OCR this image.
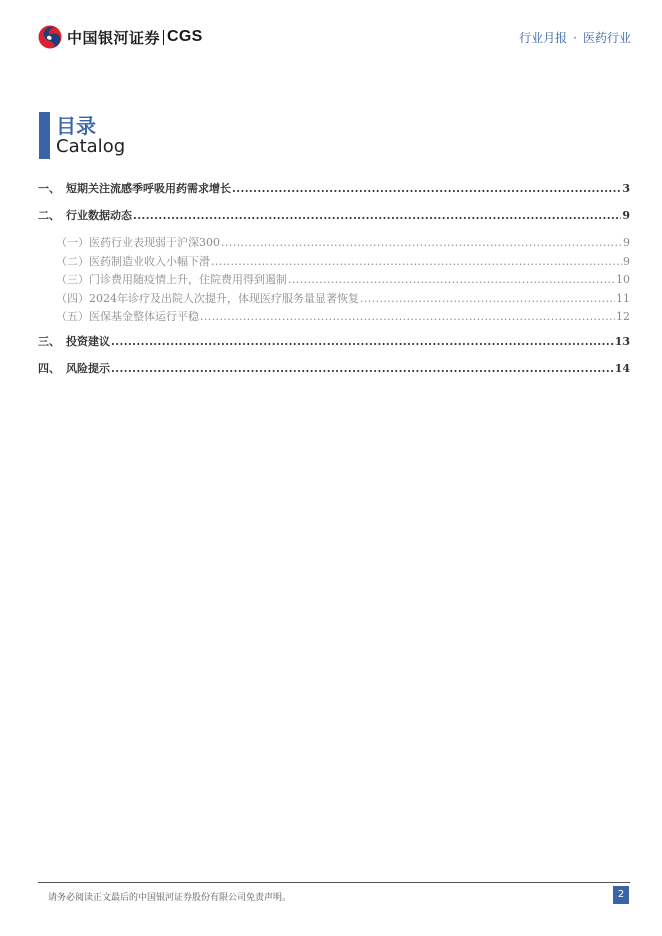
中国银河证券 CGS	行业月报 · 医药行业
目录
Catalog
一、 短期关注流感季呼吸用药需求增长 .....	3
二、 行业数据动态 .....	9
（一） 医药行业表现弱于沪深300 .....	9
（二） 医药制造业收入小幅下滑 .....	9
（三） 门诊费用随疫情上升，住院费用得到遏制 .....	10
（四） 2024年诊疗及出院人次提升，体现医疗服务量显著恢复 .....	11
（五） 医保基金整体运行平稳 .....	12
三、 投资建议 .....	13
四、 风险提示 .....	14
请务必阅读正文最后的中国银河证券股份有限公司免责声明。	2
